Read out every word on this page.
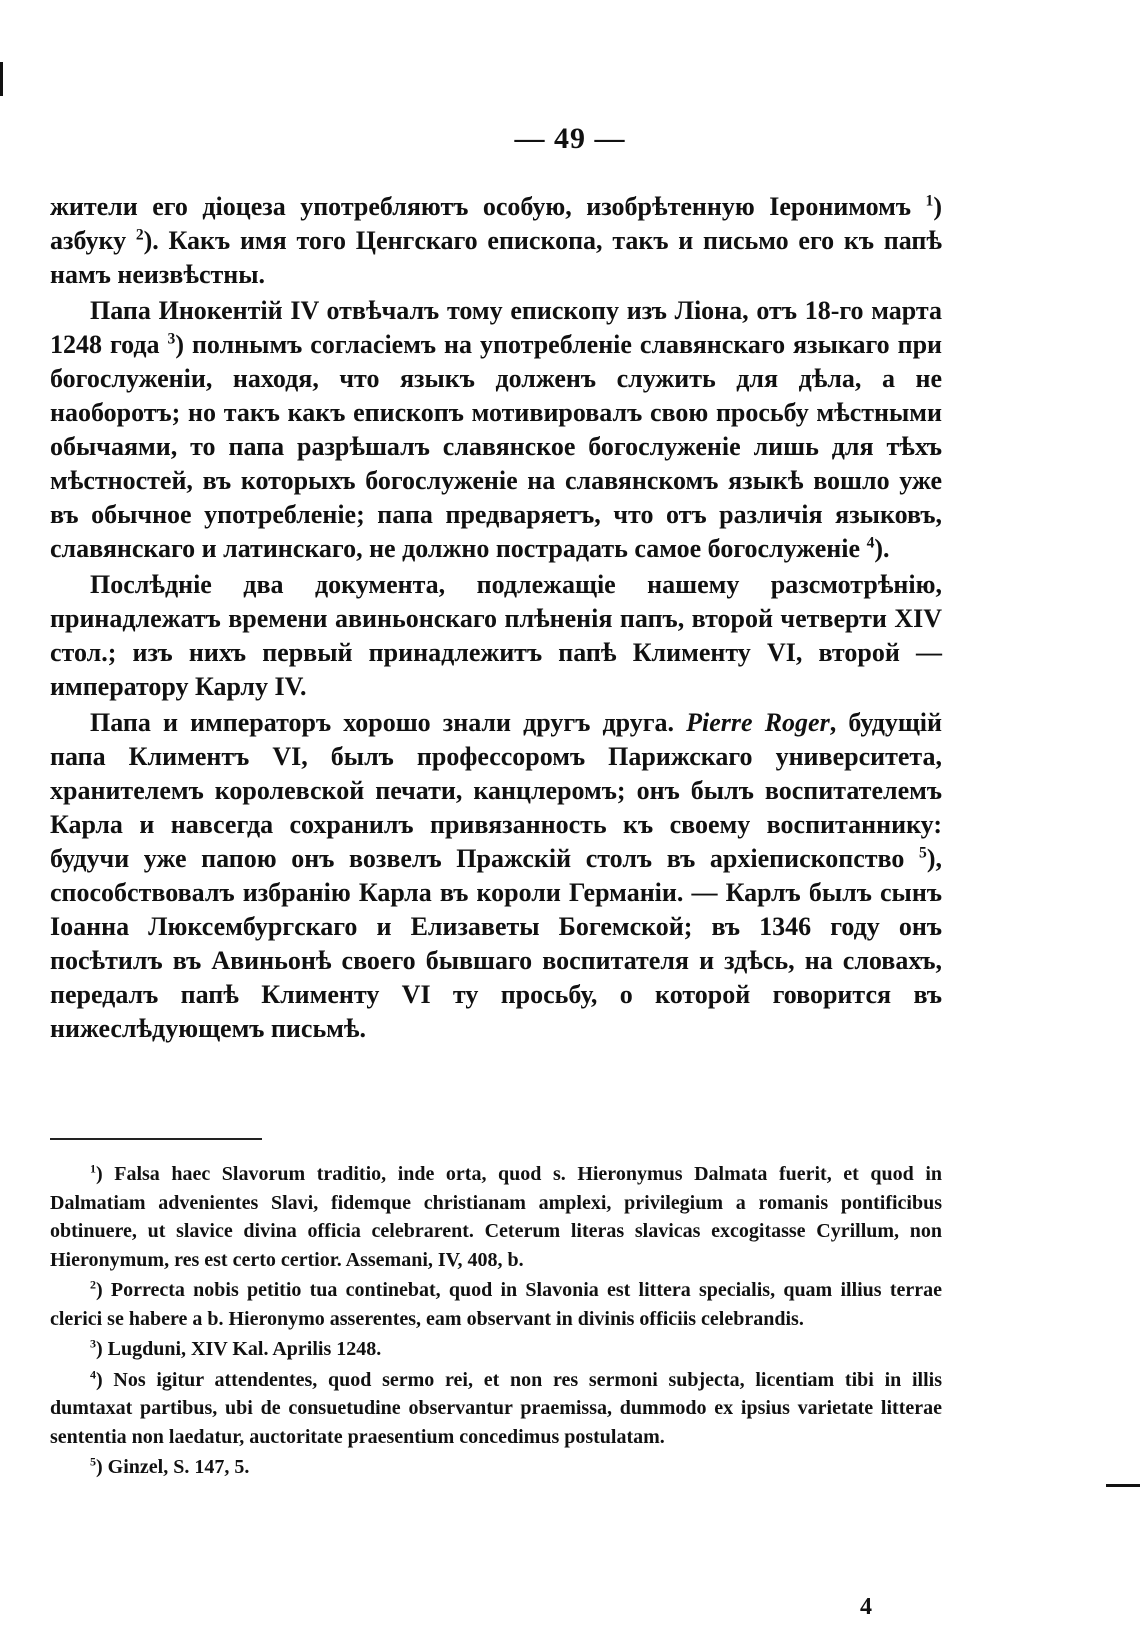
— 49 —

жители его діоцеза употребляютъ особую, изобрѣтенную Іеронимомъ $^1$) азбуку $^2$). Какъ имя того Ценгскаго епископа, такъ и письмо его къ папѣ намъ неизвѣстны.

Папа Инокентій IV отвѣчалъ тому епископу изъ Ліона, отъ 18-го марта 1248 года $^3$) полнымъ согласіемъ на употребленіе славянскаго языкаго при богослуженіи, находя, что языкъ долженъ служить для дѣла, а не наоборотъ; но такъ какъ епископъ мотивировалъ свою просьбу мѣстными обычаями, то папа разрѣшалъ славянское богослуженіе лишь для тѣхъ мѣстностей, въ которыхъ богослуженіе на славянскомъ языкѣ вошло уже въ обычное употребленіе; папа предваряетъ, что отъ различія языковъ, славянскаго и латинскаго, не должно пострадать самое богослуженіе $^4$).

Послѣдніе два документа, подлежащіе нашему разсмотрѣнію, принадлежатъ времени авиньонскаго плѣненія папъ, второй четверти XIV стол.; изъ нихъ первый принадлежитъ папѣ Клименту VI, второй — императору Карлу IV.

Папа и императоръ хорошо знали другъ друга. Pierre Roger, будущій папа Климентъ VI, былъ профессоромъ Парижскаго университета, хранителемъ королевской печати, канцлеромъ; онъ былъ воспитателемъ Карла и навсегда сохранилъ привязанность къ своему воспитаннику: будучи уже папою онъ возвелъ Пражскій столъ въ архіепископство $^5$), способствовалъ избранію Карла въ короли Германіи. — Карлъ былъ сынъ Іоанна Люксембургскаго и Елизаветы Богемской; въ 1346 году онъ посѣтилъ въ Авиньонѣ своего бывшаго воспитателя и здѣсь, на словахъ, передалъ папѣ Клименту VI ту просьбу, о которой говорится въ нижеслѣдующемъ письмѣ.

$^1$) Falsa haec Slavorum traditio, inde orta, quod s. Hieronymus Dalmata fuerit, et quod in Dalmatiam advenientes Slavi, fidemque christianam amplexi, privilegium a romanis pontificibus obtinuere, ut slavice divina officia celebrarent. Ceterum literas slavicas excogitasse Cyrillum, non Hieronymum, res est certo certior. Assemani, IV, 408, b.

$^2$) Porrecta nobis petitio tua continebat, quod in Slavonia est littera specialis, quam illius terrae clerici se habere a b. Hieronymo asserentes, eam observant in divinis officiis celebrandis.

$^3$) Lugduni, XIV Kal. Aprilis 1248.

$^4$) Nos igitur attendentes, quod sermo rei, et non res sermoni subjecta, licentiam tibi in illis dumtaxat partibus, ubi de consuetudine observantur praemissa, dummodo ex ipsius varietate litterae sententia non laedatur, auctoritate praesentium concedimus postulatam.

$^5$) Ginzel, S. 147, 5.

4
